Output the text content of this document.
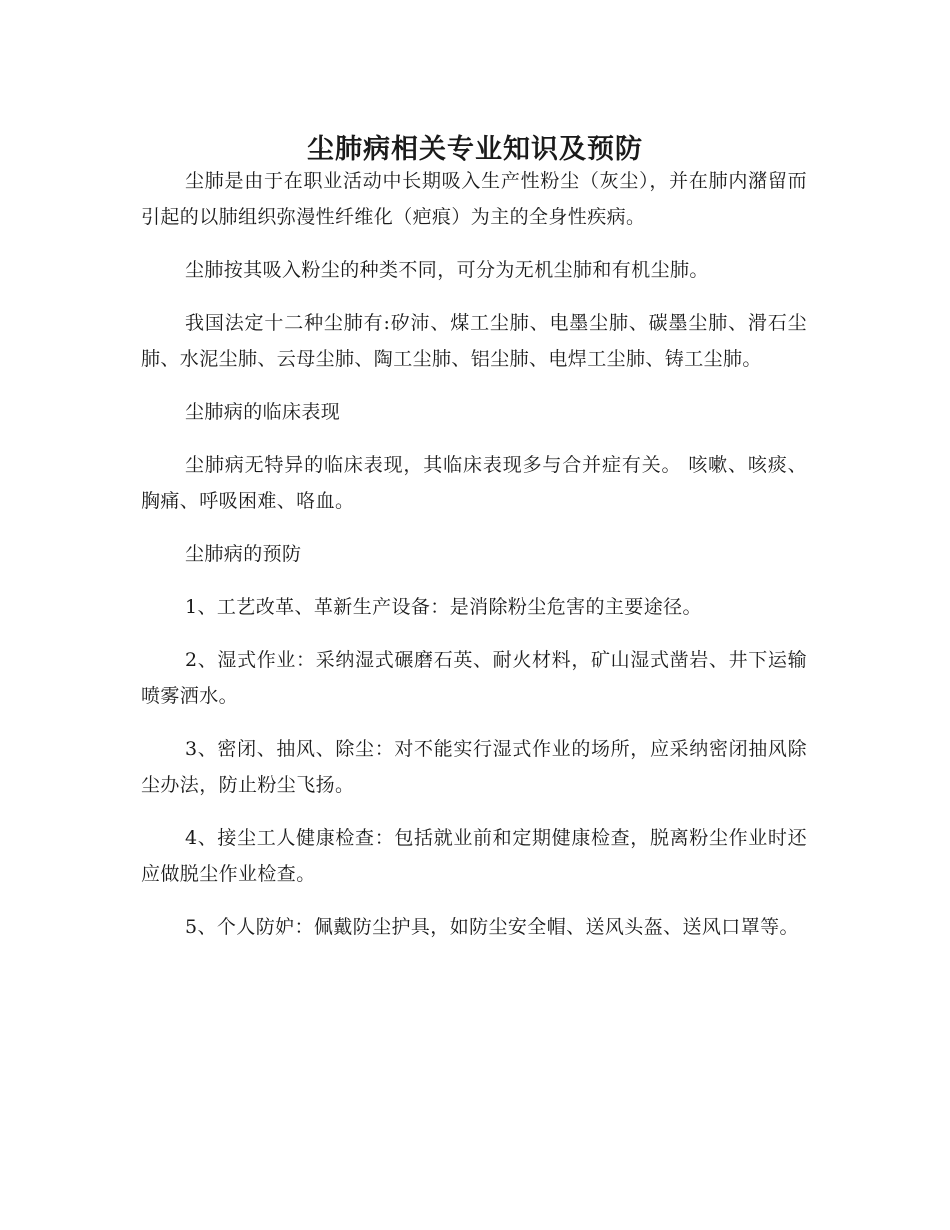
尘肺病相关专业知识及预防

尘肺是由于在职业活动中长期吸入生产性粉尘（灰尘），并在肺内潴留而引起的以肺组织弥漫性纤维化（疤痕）为主的全身性疾病。

尘肺按其吸入粉尘的种类不同，可分为无机尘肺和有机尘肺。

我国法定十二种尘肺有:矽沛、煤工尘肺、电墨尘肺、碳墨尘肺、滑石尘肺、水泥尘肺、云母尘肺、陶工尘肺、铝尘肺、电焊工尘肺、铸工尘肺。

尘肺病的临床表现

尘肺病无特异的临床表现，其临床表现多与合并症有关。 咳嗽、咳痰、胸痛、呼吸困难、咯血。

尘肺病的预防

1、工艺改革、革新生产设备：是消除粉尘危害的主要途径。

2、湿式作业：采纳湿式碾磨石英、耐火材料，矿山湿式凿岩、井下运输喷雾洒水。

3、密闭、抽风、除尘：对不能实行湿式作业的场所，应采纳密闭抽风除尘办法，防止粉尘飞扬。

4、接尘工人健康检查：包括就业前和定期健康检查，脱离粉尘作业时还应做脱尘作业检查。

5、个人防妒：佩戴防尘护具，如防尘安全帽、送风头盔、送风口罩等。
